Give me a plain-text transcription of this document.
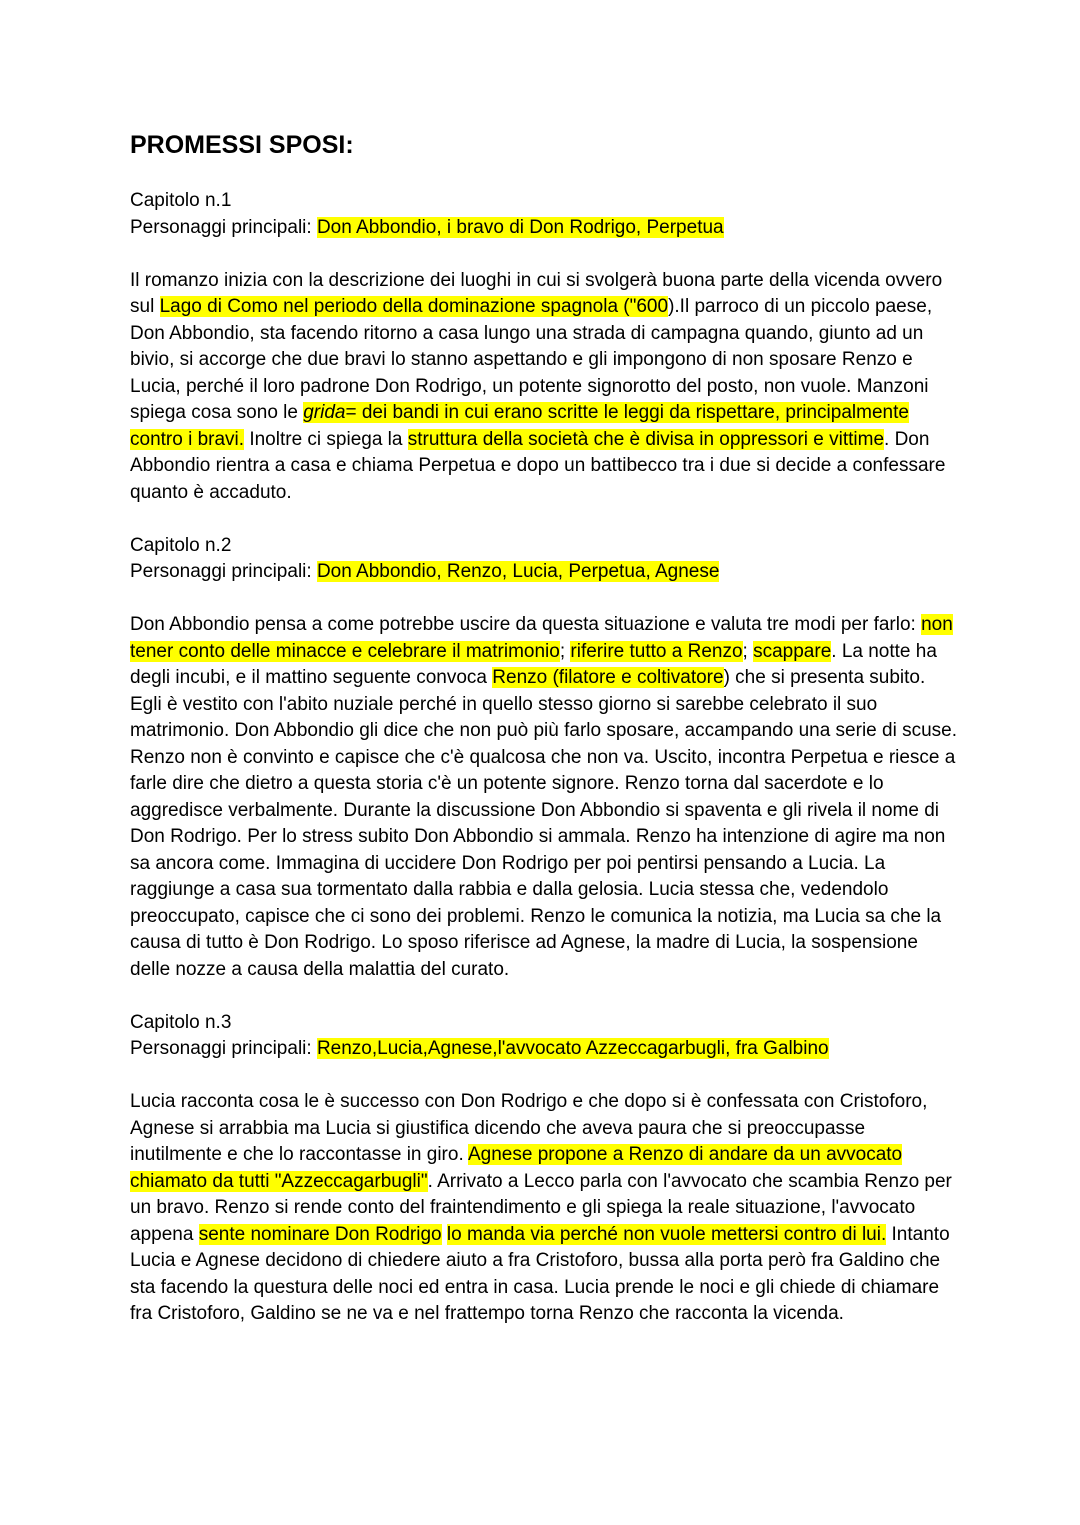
PROMESSI SPOSI:

Capitolo n.1
Personaggi principali: Don Abbondio, i bravo di Don Rodrigo, Perpetua

Il romanzo inizia con la descrizione dei luoghi in cui si svolgerà buona parte della vicenda ovvero sul Lago di Como nel periodo della dominazione spagnola ("600).Il parroco di un piccolo paese, Don Abbondio, sta facendo ritorno a casa lungo una strada di campagna quando, giunto ad un bivio, si accorge che due bravi lo stanno aspettando e gli impongono di non sposare Renzo e Lucia, perché il loro padrone Don Rodrigo, un potente signorotto del posto, non vuole. Manzoni spiega cosa sono le grida= dei bandi in cui erano scritte le leggi da rispettare, principalmente contro i bravi. Inoltre ci spiega la struttura della società che è divisa in oppressori e vittime. Don Abbondio rientra a casa e chiama Perpetua e dopo un battibecco tra i due si decide a confessare quanto è accaduto.

Capitolo n.2
Personaggi principali: Don Abbondio, Renzo, Lucia, Perpetua, Agnese

Don Abbondio pensa a come potrebbe uscire da questa situazione e valuta tre modi per farlo: non tener conto delle minacce e celebrare il matrimonio; riferire tutto a Renzo; scappare. La notte ha degli incubi, e il mattino seguente convoca Renzo (filatore e coltivatore) che si presenta subito. Egli è vestito con l'abito nuziale perché in quello stesso giorno si sarebbe celebrato il suo matrimonio. Don Abbondio gli dice che non può più farlo sposare, accampando una serie di scuse. Renzo non è convinto e capisce che c'è qualcosa che non va. Uscito, incontra Perpetua e riesce a farle dire che dietro a questa storia c'è un potente signore. Renzo torna dal sacerdote e lo aggredisce verbalmente. Durante la discussione Don Abbondio si spaventa e gli rivela il nome di Don Rodrigo. Per lo stress subito Don Abbondio si ammala. Renzo ha intenzione di agire ma non sa ancora come. Immagina di uccidere Don Rodrigo per poi pentirsi pensando a Lucia. La raggiunge a casa sua tormentato dalla rabbia e dalla gelosia. Lucia stessa che, vedendolo preoccupato, capisce che ci sono dei problemi. Renzo le comunica la notizia, ma Lucia sa che la causa di tutto è Don Rodrigo. Lo sposo riferisce ad Agnese, la madre di Lucia, la sospensione delle nozze a causa della malattia del curato.

Capitolo n.3
Personaggi principali: Renzo,Lucia,Agnese,l'avvocato Azzeccagarbugli, fra Galbino

Lucia racconta cosa le è successo con Don Rodrigo e che dopo si è confessata con Cristoforo, Agnese si arrabbia ma Lucia si giustifica dicendo che aveva paura che si preoccupasse inutilmente e che lo raccontasse in giro. Agnese propone a Renzo di andare da un avvocato chiamato da tutti "Azzeccagarbugli". Arrivato a Lecco parla con l'avvocato che scambia Renzo per un bravo. Renzo si rende conto del fraintendimento e gli spiega la reale situazione, l'avvocato appena sente nominare Don Rodrigo lo manda via perché non vuole mettersi contro di lui. Intanto Lucia e Agnese decidono di chiedere aiuto a fra Cristoforo, bussa alla porta però fra Galdino che sta facendo la questura delle noci ed entra in casa. Lucia prende le noci e gli chiede di chiamare fra Cristoforo, Galdino se ne va e nel frattempo torna Renzo che racconta la vicenda.
